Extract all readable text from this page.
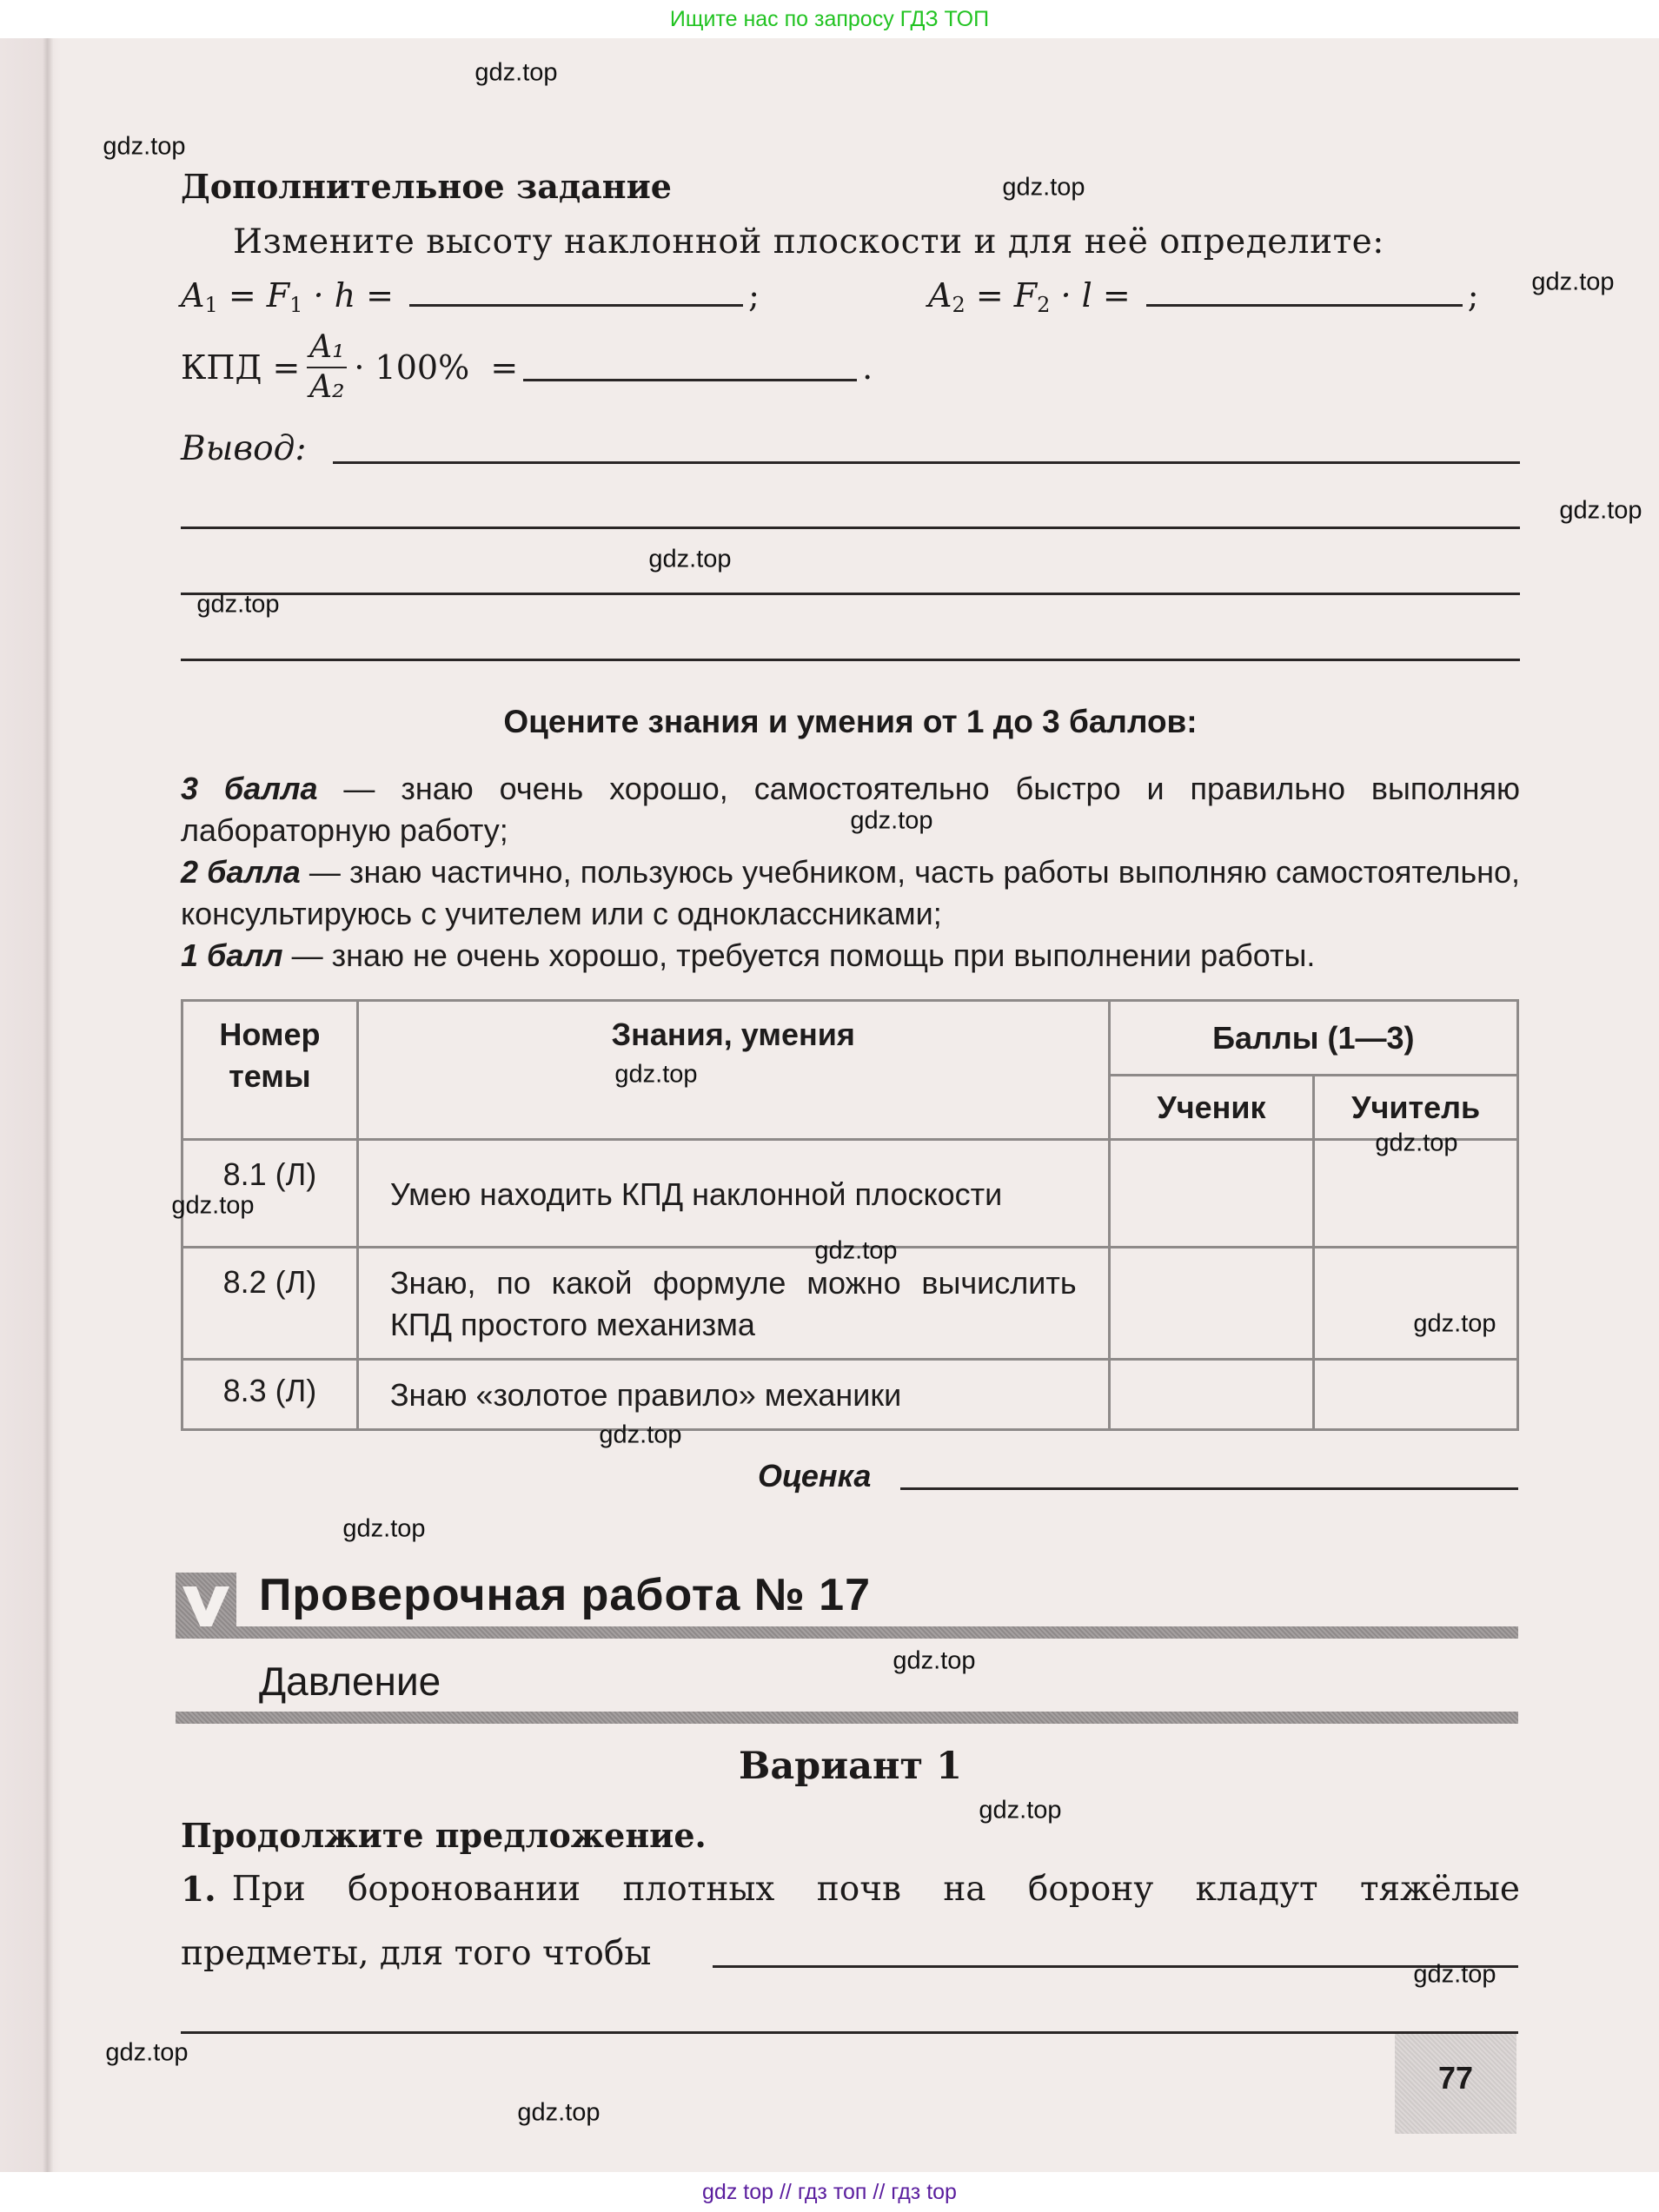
Ищите нас по запросу ГДЗ ТОП
Дополнительное задание
Измените высоту наклонной плоскости и для неё определите:
$A_1 = F_1 \cdot h$ =	;	$A_2 = F_2 \cdot l$ =	;
КПД = $\frac{\text{A₁}}{\text{A₂}} \cdot 100\%$  =	.
Вывод:
Оцените знания и умения от 1 до 3 баллов:
3 балла — знаю очень хорошо, самостоятельно быстро и правильно выполняю лабораторную работу;
2 балла — знаю частично, пользуюсь учебником, часть работы выполняю самостоятельно, консультируюсь с учителем или с одноклассниками;
1 балл — знаю не очень хорошо, требуется помощь при выполнении работы.
Номер темы	Знания, умения	Баллы (1—3)	
		Ученик	Учитель
8.1 (Л)	Умею находить КПД наклонной плоскости		
8.2 (Л)	Знаю, по какой формуле можно вычислить КПД простого механизма		
8.3 (Л)	Знаю «золотое правило» механики		
Оценка
Проверочная работа № 17
Давление
Вариант 1
Продолжите предложение.
1. При бороновании плотных почв на борону кладут тяжёлые
предметы, для того чтобы
77
gdz.top
gdz.top
gdz.top
gdz.top
gdz.top
gdz.top
gdz.top
gdz.top
gdz.top
gdz.top
gdz.top
gdz.top
gdz.top
gdz.top
gdz.top
gdz.top
gdz.top
gdz.top
gdz.top
gdz.top
gdz top // гдз топ // гдз top
